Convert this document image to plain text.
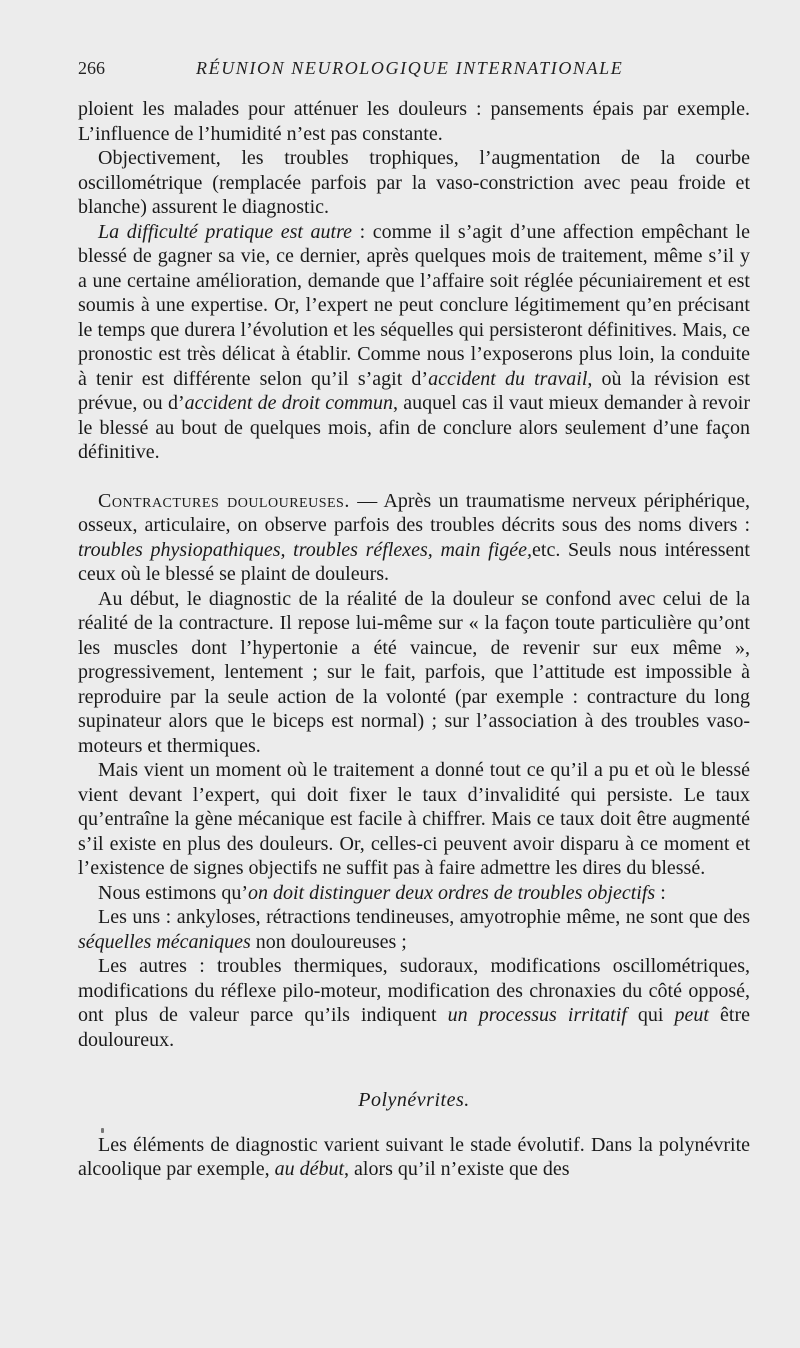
266	RÉUNION NEUROLOGIQUE INTERNATIONALE

ploient les malades pour atténuer les douleurs : pansements épais par exemple. L’influence de l’humidité n’est pas constante.

Objectivement, les troubles trophiques, l’augmentation de la courbe oscillométrique (remplacée parfois par la vaso-constriction avec peau froide et blanche) assurent le diagnostic.

La difficulté pratique est autre : comme il s’agit d’une affection empêchant le blessé de gagner sa vie, ce dernier, après quelques mois de traitement, même s’il y a une certaine amélioration, demande que l’affaire soit réglée pécuniairement et est soumis à une expertise. Or, l’expert ne peut conclure légitimement qu’en précisant le temps que durera l’évolution et les séquelles qui persisteront définitives. Mais, ce pronostic est très délicat à établir. Comme nous l’exposerons plus loin, la conduite à tenir est différente selon qu’il s’agit d’accident du travail, où la révision est prévue, ou d’accident de droit commun, auquel cas il vaut mieux demander à revoir le blessé au bout de quelques mois, afin de conclure alors seulement d’une façon définitive.

Contractures douloureuses. — Après un traumatisme nerveux périphérique, osseux, articulaire, on observe parfois des troubles décrits sous des noms divers : troubles physiopathiques, troubles réflexes, main figée,etc. Seuls nous intéressent ceux où le blessé se plaint de douleurs.

Au début, le diagnostic de la réalité de la douleur se confond avec celui de la réalité de la contracture. Il repose lui-même sur « la façon toute particulière qu’ont les muscles dont l’hypertonie a été vaincue, de revenir sur eux même », progressivement, lentement ; sur le fait, parfois, que l’attitude est impossible à reproduire par la seule action de la volonté (par exemple : contracture du long supinateur alors que le biceps est normal) ; sur l’association à des troubles vaso-moteurs et thermiques.

Mais vient un moment où le traitement a donné tout ce qu’il a pu et où le blessé vient devant l’expert, qui doit fixer le taux d’invalidité qui persiste. Le taux qu’entraîne la gène mécanique est facile à chiffrer. Mais ce taux doit être augmenté s’il existe en plus des douleurs. Or, celles-ci peuvent avoir disparu à ce moment et l’existence de signes objectifs ne suffit pas à faire admettre les dires du blessé.

Nous estimons qu’on doit distinguer deux ordres de troubles objectifs :

Les uns : ankyloses, rétractions tendineuses, amyotrophie même, ne sont que des séquelles mécaniques non douloureuses ;

Les autres : troubles thermiques, sudoraux, modifications oscillométriques, modifications du réflexe pilo-moteur, modification des chronaxies du côté opposé, ont plus de valeur parce qu’ils indiquent un processus irritatif qui peut être douloureux.

Polynévrites.

Les éléments de diagnostic varient suivant le stade évolutif. Dans la polynévrite alcoolique par exemple, au début, alors qu’il n’existe que des
